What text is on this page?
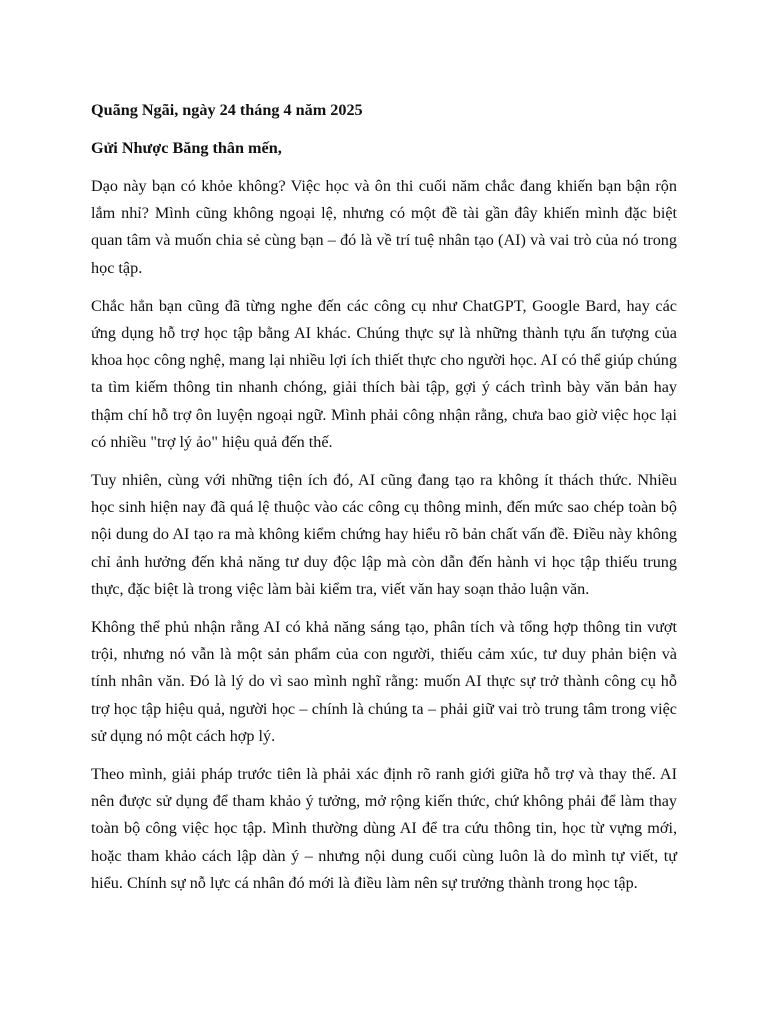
Quãng Ngãi, ngày 24 tháng 4 năm 2025

Gửi Nhược Băng thân mến,

Dạo này bạn có khỏe không? Việc học và ôn thi cuối năm chắc đang khiến bạn bận rộn lắm nhỉ? Mình cũng không ngoại lệ, nhưng có một đề tài gần đây khiến mình đặc biệt quan tâm và muốn chia sẻ cùng bạn – đó là về trí tuệ nhân tạo (AI) và vai trò của nó trong học tập.

Chắc hẳn bạn cũng đã từng nghe đến các công cụ như ChatGPT, Google Bard, hay các ứng dụng hỗ trợ học tập bằng AI khác. Chúng thực sự là những thành tựu ấn tượng của khoa học công nghệ, mang lại nhiều lợi ích thiết thực cho người học. AI có thể giúp chúng ta tìm kiếm thông tin nhanh chóng, giải thích bài tập, gợi ý cách trình bày văn bản hay thậm chí hỗ trợ ôn luyện ngoại ngữ. Mình phải công nhận rằng, chưa bao giờ việc học lại có nhiều "trợ lý ảo" hiệu quả đến thế.

Tuy nhiên, cùng với những tiện ích đó, AI cũng đang tạo ra không ít thách thức. Nhiều học sinh hiện nay đã quá lệ thuộc vào các công cụ thông minh, đến mức sao chép toàn bộ nội dung do AI tạo ra mà không kiểm chứng hay hiểu rõ bản chất vấn đề. Điều này không chỉ ảnh hưởng đến khả năng tư duy độc lập mà còn dẫn đến hành vi học tập thiếu trung thực, đặc biệt là trong việc làm bài kiểm tra, viết văn hay soạn thảo luận văn.

Không thể phủ nhận rằng AI có khả năng sáng tạo, phân tích và tổng hợp thông tin vượt trội, nhưng nó vẫn là một sản phẩm của con người, thiếu cảm xúc, tư duy phản biện và tính nhân văn. Đó là lý do vì sao mình nghĩ rằng: muốn AI thực sự trở thành công cụ hỗ trợ học tập hiệu quả, người học – chính là chúng ta – phải giữ vai trò trung tâm trong việc sử dụng nó một cách hợp lý.

Theo mình, giải pháp trước tiên là phải xác định rõ ranh giới giữa hỗ trợ và thay thế. AI nên được sử dụng để tham khảo ý tưởng, mở rộng kiến thức, chứ không phải để làm thay toàn bộ công việc học tập. Mình thường dùng AI để tra cứu thông tin, học từ vựng mới, hoặc tham khảo cách lập dàn ý – nhưng nội dung cuối cùng luôn là do mình tự viết, tự hiểu. Chính sự nỗ lực cá nhân đó mới là điều làm nên sự trưởng thành trong học tập.
